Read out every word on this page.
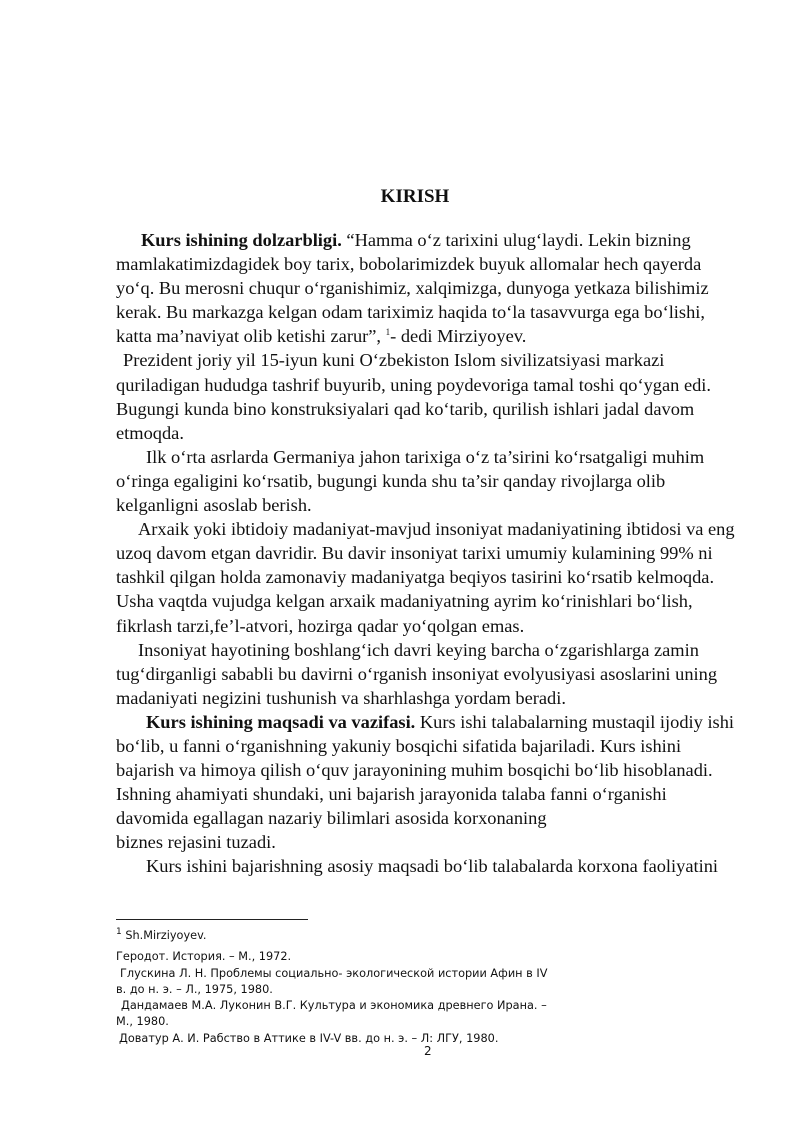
KIRISH

Kurs ishining dolzarbligi. “Hamma o‘z tarixini ulug‘laydi. Lekin bizning mamlakatimizdagidek boy tarix, bobolarimizdek buyuk allomalar hech qayerda yo‘q. Bu merosni chuqur o‘rganishimiz, xalqimizga, dunyoga yetkaza bilishimiz kerak. Bu markazga kelgan odam tariximiz haqida to‘la tasavvurga ega bo‘lishi, katta ma’naviyat olib ketishi zarur”, $^1$- dedi Mirziyoyev.

Prezident joriy yil 15-iyun kuni O‘zbekiston Islom sivilizatsiyasi markazi quriladigan hududga tashrif buyurib, uning poydevoriga tamal toshi qo‘ygan edi. Bugungi kunda bino konstruksiyalari qad ko‘tarib, qurilish ishlari jadal davom etmoqda.

Ilk o‘rta asrlarda Germaniya jahon tarixiga o‘z ta’sirini ko‘rsatgaligi muhim o‘ringa egaligini ko‘rsatib, bugungi kunda shu ta’sir qanday rivojlarga olib kelganligni asoslab berish.

Arxaik yoki ibtidoiy madaniyat-mavjud insoniyat madaniyatining ibtidosi va eng uzoq davom etgan davridir. Bu davir insoniyat tarixi umumiy kulamining 99% ni tashkil qilgan holda zamonaviy madaniyatga beqiyos tasirini ko‘rsatib kelmoqda. Usha vaqtda vujudga kelgan arxaik madaniyatning ayrim ko‘rinishlari bo‘lish, fikrlash tarzi,fe’l-atvori, hozirga qadar yo‘qolgan emas.

Insoniyat hayotining boshlang‘ich davri keying barcha o‘zgarishlarga zamin tug‘dirganligi sababli bu davirni o‘rganish insoniyat evolyusiyasi asoslarini uning madaniyati negizini tushunish va sharhlashga yordam beradi.

Kurs ishining maqsadi va vazifasi. Kurs ishi talabalarning mustaqil ijodiy ishi bo‘lib, u fanni o‘rganishning yakuniy bosqichi sifatida bajariladi. Kurs ishini bajarish va himoya qilish o‘quv jarayonining muhim bosqichi bo‘lib hisoblanadi. Ishning ahamiyati shundaki, uni bajarish jarayonida talaba fanni o‘rganishi davomida egallagan nazariy bilimlari asosida korxonaning

biznes rejasini tuzadi.

Kurs ishini bajarishning asosiy maqsadi bo‘lib talabalarda korxona faoliyatini

$^1$ Sh.Mirziyoyev.

Геродот. История. – М., 1972.

Глускина Л. Н. Проблемы социально- экологической истории Афин в IV в. до н. э. – Л., 1975, 1980.

Дандамаев М.А. Луконин В.Г. Культура и экономика древнего Ирана. – М., 1980.

Доватур А. И. Рабство в Аттике в IV-V вв. до н. э. – Л: ЛГУ, 1980.

2
